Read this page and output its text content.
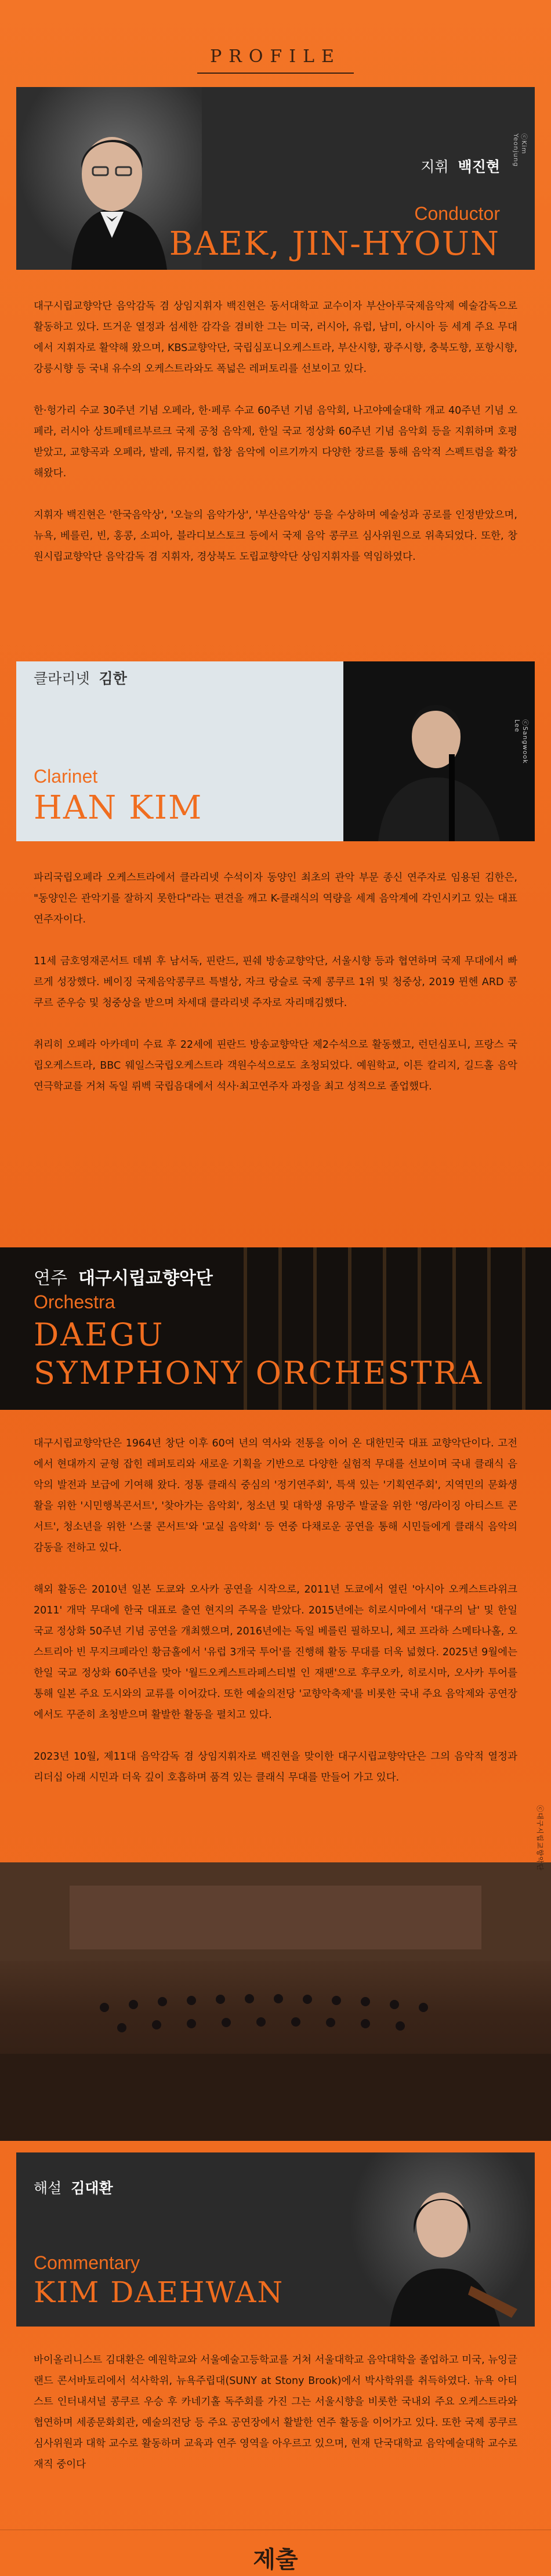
PROFILE
지휘 백진현
Conductor
BAEK, JIN-HYOUN
ⓒKim Yeonjung

대구시립교향악단 음악감독 겸 상임지휘자 백진현은 동서대학교 교수이자 부산아루국제음악제 예술감독으로 활동하고 있다. 뜨거운 열정과 섬세한 감각을 겸비한 그는 미국, 러시아, 유럽, 남미, 아시아 등 세계 주요 무대에서 지휘자로 활약해 왔으며, KBS교향악단, 국립심포니오케스트라, 부산시향, 광주시향, 충북도향, 포항시향, 강릉시향 등 국내 유수의 오케스트라와도 폭넓은 레퍼토리를 선보이고 있다.

한·헝가리 수교 30주년 기념 오페라, 한·페루 수교 60주년 기념 음악회, 나고야예술대학 개교 40주년 기념 오페라, 러시아 상트페테르부르크 국제 공청 음악제, 한일 국교 정상화 60주년 기념 음악회 등을 지휘하며 호평받았고, 교향곡과 오페라, 발레, 뮤지컬, 합창 음악에 이르기까지 다양한 장르를 통해 음악적 스펙트럼을 확장해왔다.

지휘자 백진현은 '한국음악상', '오늘의 음악가상', '부산음악상' 등을 수상하며 예술성과 공로를 인정받았으며, 뉴욕, 베를린, 빈, 홍콩, 소피아, 블라디보스토크 등에서 국제 음악 콩쿠르 심사위원으로 위촉되었다. 또한, 창원시립교향악단 음악감독 겸 지휘자, 경상북도 도립교향악단 상임지휘자를 역임하였다.

클라리넷 김한
Clarinet
HAN KIM
ⓒSangwook Lee

파리국립오페라 오케스트라에서 클라리넷 수석이자 동양인 최초의 관악 부문 종신 연주자로 임용된 김한은, "동양인은 관악기를 잘하지 못한다"라는 편견을 깨고 K-클래식의 역량을 세계 음악계에 각인시키고 있는 대표 연주자이다.

11세 금호영재콘서트 데뷔 후 남서독, 핀란드, 핀쉐 방송교향악단, 서울시향 등과 협연하며 국제 무대에서 빠르게 성장했다. 베이징 국제음악콩쿠르 특별상, 자크 랑슬로 국제 콩쿠르 1위 및 청중상, 2019 뮌헨 ARD 콩쿠르 준우승 및 청중상을 받으며 차세대 클라리넷 주자로 자리매김했다.

취리히 오페라 아카데미 수료 후 22세에 핀란드 방송교향악단 제2수석으로 활동했고, 런던심포니, 프랑스 국립오케스트라, BBC 웨일스국립오케스트라 객원수석으로도 초청되었다. 예원학교, 이튼 칼리지, 길드홀 음악연극학교를 거쳐 독일 뤼벡 국립음대에서 석사·최고연주자 과정을 최고 성적으로 졸업했다.

연주 대구시립교향악단
Orchestra
DAEGU
SYMPHONY ORCHESTRA

대구시립교향악단은 1964년 창단 이후 60여 년의 역사와 전통을 이어 온 대한민국 대표 교향악단이다. 고전에서 현대까지 균형 잡힌 레퍼토리와 새로운 기획을 기반으로 다양한 실험적 무대를 선보이며 국내 클래식 음악의 발전과 보급에 기여해 왔다. 정통 클래식 중심의 '정기연주회', 특색 있는 '기획연주회', 지역민의 문화생활을 위한 '시민행복콘서트', '찾아가는 음악회', 청소년 및 대학생 유망주 발굴을 위한 '영/라이징 아티스트 콘서트', 청소년을 위한 '스쿨 콘서트'와 '교실 음악회' 등 연중 다채로운 공연을 통해 시민들에게 클래식 음악의 감동을 전하고 있다.

해외 활동은 2010년 일본 도쿄와 오사카 공연을 시작으로, 2011년 도쿄에서 열린 '아시아 오케스트라위크 2011' 개막 무대에 한국 대표로 출연 현지의 주목을 받았다. 2015년에는 히로시마에서 '대구의 날' 및 한일 국교 정상화 50주년 기념 공연을 개최했으며, 2016년에는 독일 베를린 필하모니, 체코 프라하 스메타나홀, 오스트리아 빈 무지크페라인 황금홀에서 '유럽 3개국 투어'를 진행해 활동 무대를 더욱 넓혔다. 2025년 9월에는 한일 국교 정상화 60주년을 맞아 '월드오케스트라페스티벌 인 재팬'으로 후쿠오카, 히로시마, 오사카 투어를 통해 일본 주요 도시와의 교류를 이어갔다. 또한 예술의전당 '교향악축제'를 비롯한 국내 주요 음악제와 공연장에서도 꾸준히 초청받으며 활발한 활동을 펼치고 있다.

2023년 10월, 제11대 음악감독 겸 상임지휘자로 백진현을 맞이한 대구시립교향악단은 그의 음악적 열정과 리더십 아래 시민과 더욱 깊이 호흡하며 품격 있는 클래식 무대를 만들어 가고 있다.

ⓒ대구시립교향악단
해설 김대환
Commentary
KIM DAEHWAN

바이올리니스트 김대환은 예원학교와 서울예술고등학교를 거쳐 서울대학교 음악대학을 졸업하고 미국, 뉴잉글랜드 콘서바토리에서 석사학위, 뉴욕주립대(SUNY at Stony Brook)에서 박사학위를 취득하였다. 뉴욕 아티스트 인터내셔널 콩쿠르 우승 후 카네기홀 독주회를 가진 그는 서울시향을 비롯한 국내외 주요 오케스트라와 협연하며 세종문화회관, 예술의전당 등 주요 공연장에서 활발한 연주 활동을 이어가고 있다. 또한 국제 콩쿠르 심사위원과 대학 교수로 활동하며 교육과 연주 영역을 아우르고 있으며, 현재 단국대학교 음악예술대학 교수로 재직 중이다

제출
